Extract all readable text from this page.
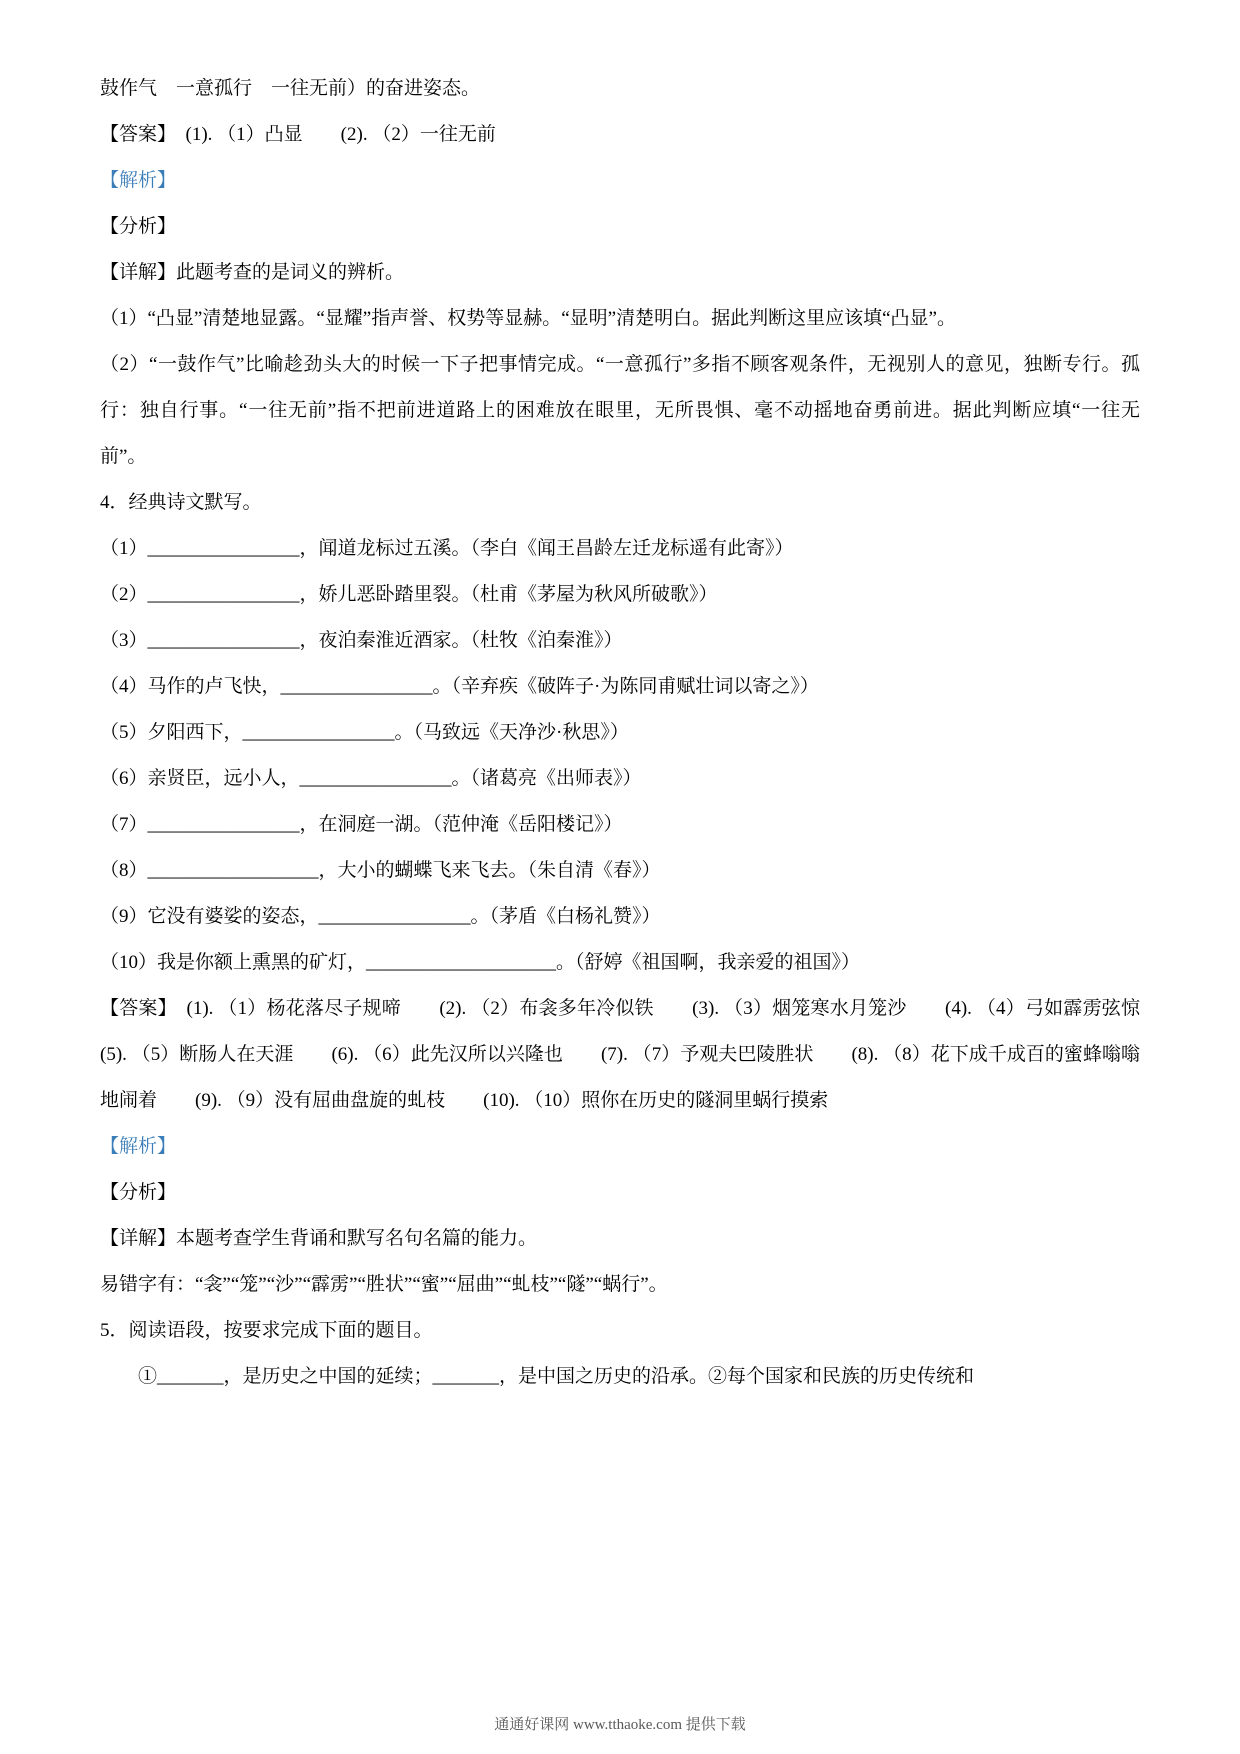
鼓作气　一意孤行　一往无前）的奋进姿态。
【答案】　(1). （1）凸显　　(2). （2）一往无前
【解析】
【分析】
【详解】此题考查的是词义的辨析。
（1）“凸显”清楚地显露。“显耀”指声誉、权势等显赫。“显明”清楚明白。据此判断这里应该填“凸显”。
（2）“一鼓作气”比喻趁劲头大的时候一下子把事情完成。“一意孤行”多指不顾客观条件，无视别人的意见，独断专行。孤行：独自行事。“一往无前”指不把前进道路上的困难放在眼里，无所畏惧、毫不动摇地奋勇前进。据此判断应填“一往无前”。
4．经典诗文默写。
（1）________________，闻道龙标过五溪。（李白《闻王昌龄左迁龙标遥有此寄》）
（2）________________，娇儿恶卧踏里裂。（杜甫《茅屋为秋风所破歌》）
（3）________________，夜泊秦淮近酒家。（杜牧《泊秦淮》）
（4）马作的卢飞快，________________。（辛弃疾《破阵子·为陈同甫赋壮词以寄之》）
（5）夕阳西下，________________。（马致远《天净沙·秋思》）
（6）亲贤臣，远小人，________________。（诸葛亮《出师表》）
（7）________________，在洞庭一湖。（范仲淹《岳阳楼记》）
（8）__________________，大小的蝴蝶飞来飞去。（朱自清《春》）
（9）它没有婆娑的姿态，________________。（茅盾《白杨礼赞》）
（10）我是你额上熏黑的矿灯，____________________。（舒婷《祖国啊，我亲爱的祖国》）
【答案】　(1). （1）杨花落尽子规啼　　(2). （2）布衾多年冷似铁　　(3). （3）烟笼寒水月笼沙　　(4). （4）弓如霹雳弦惊　　(5). （5）断肠人在天涯　　(6). （6）此先汉所以兴隆也　　(7). （7）予观夫巴陵胜状　　(8). （8）花下成千成百的蜜蜂嗡嗡地闹着　　(9). （9）没有屈曲盘旋的虬枝　　(10). （10）照你在历史的隧洞里蜗行摸索
【解析】
【分析】
【详解】本题考查学生背诵和默写名句名篇的能力。
易错字有：“衾”“笼”“沙”“霹雳”“胜状”“蜜”“屈曲”“虬枝”“隧”“蜗行”。
5．阅读语段，按要求完成下面的题目。
①_______，是历史之中国的延续；_______，是中国之历史的沿承。②每个国家和民族的历史传统和
通通好课网 www.tthaoke.com 提供下载
